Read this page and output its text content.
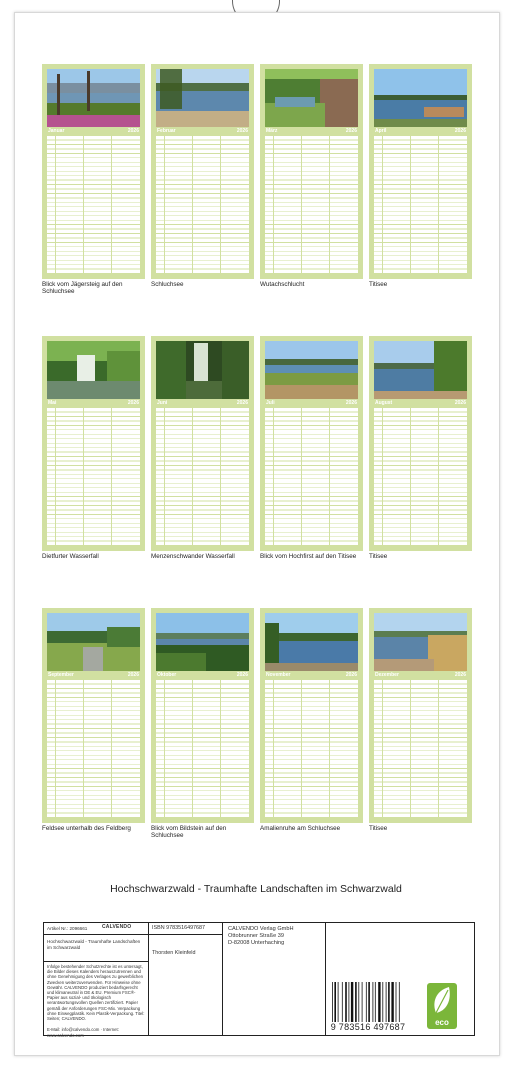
Januar	2026
Blick vom Jägersteig auf den Schluchsee
Februar	2026
Schluchsee
März	2026
Wutachschlucht
April	2026
Titisee
Mai	2026
Dietfurter Wasserfall
Juni	2026
Menzenschwander Wasserfall
Juli	2026
Blick vom Hochfirst auf den Titisee
August	2026
Titisee
September	2026
Feldsee unterhalb des Feldberg
Oktober	2026
Blick vom Bildstein auf den Schluchsee
November	2026
Amalienruhe am Schluchsee
Dezember	2026
Titisee
Hochschwarzwald - Traumhafte Landschaften im Schwarzwald
Artikel Nr.: 2096661	CALVENDO
Hochschwarzwald - Traumhafte Landschaften im Schwarzwald
Infolge bestehender Schutzrechte ist es untersagt, die Bilder dieses Kalenders herauszutrennen und ohne Genehmigung des Verlages zu gewerblichen Zwecken weiterzuverwenden. Für Hinweise ohne Gewähr. CALVENDO produziert bedarfsgerecht und klimaneutral in DE & EU. Premium FSC®-Papier aus sozial- und ökologisch verantwortungsvollen Quellen zertifiziert. Papier gemäß der Anforderungen FSC-Mix. Verpackung ohne Einwegplastik. Kein Plastik-Verpackung. Titel: Seiten; CALVENDO.
E-Mail: info@calvendo.com · Internet: www.calvendo.com
ISBN 9783516497687
Thorsten Kleinfeld
CALVENDO Verlag GmbH
Ottobrunner Straße 39
D-82008 Unterhaching
9 783516 497687	eco
